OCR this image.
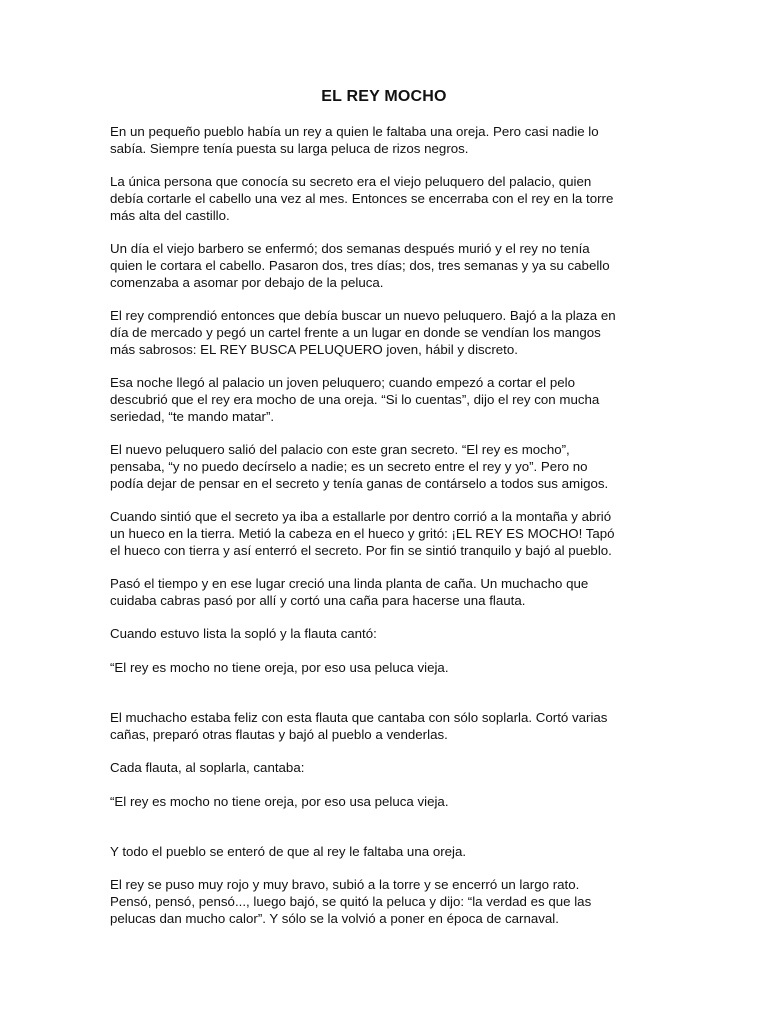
EL REY MOCHO

En un pequeño pueblo había un rey a quien le faltaba una oreja. Pero casi nadie lo
sabía. Siempre tenía puesta su larga peluca de rizos negros.

La única persona que conocía su secreto era el viejo peluquero del palacio, quien
debía cortarle el cabello una vez al mes. Entonces se encerraba con el rey en la torre
más alta del castillo.

Un día el viejo barbero se enfermó; dos semanas después murió y el rey no tenía
quien le cortara el cabello. Pasaron dos, tres días; dos, tres semanas y ya su cabello
comenzaba a asomar por debajo de la peluca.

El rey comprendió entonces que debía buscar un nuevo peluquero. Bajó a la plaza en
día de mercado y pegó un cartel frente a un lugar en donde se vendían los mangos
más sabrosos: EL REY BUSCA PELUQUERO joven, hábil y discreto.

Esa noche llegó al palacio un joven peluquero; cuando empezó a cortar el pelo
descubrió que el rey era mocho de una oreja. “Si lo cuentas”, dijo el rey con mucha
seriedad, “te mando matar”.

El nuevo peluquero salió del palacio con este gran secreto. “El rey es mocho”,
pensaba, “y no puedo decírselo a nadie; es un secreto entre el rey y yo”. Pero no
podía dejar de pensar en el secreto y tenía ganas de contárselo a todos sus amigos.

Cuando sintió que el secreto ya iba a estallarle por dentro corrió a la montaña y abrió
un hueco en la tierra. Metió la cabeza en el hueco y gritó: ¡EL REY ES MOCHO! Tapó
el hueco con tierra y así enterró el secreto. Por fin se sintió tranquilo y bajó al pueblo.

Pasó el tiempo y en ese lugar creció una linda planta de caña. Un muchacho que
cuidaba cabras pasó por allí y cortó una caña para hacerse una flauta.

Cuando estuvo lista la sopló y la flauta cantó:

“El rey es mocho no tiene oreja, por eso usa peluca vieja.

El muchacho estaba feliz con esta flauta que cantaba con sólo soplarla. Cortó varias
cañas, preparó otras flautas y bajó al pueblo a venderlas.

Cada flauta, al soplarla, cantaba:

“El rey es mocho no tiene oreja, por eso usa peluca vieja.

Y todo el pueblo se enteró de que al rey le faltaba una oreja.

El rey se puso muy rojo y muy bravo, subió a la torre y se encerró un largo rato.
Pensó, pensó, pensó..., luego bajó, se quitó la peluca y dijo: “la verdad es que las
pelucas dan mucho calor”. Y sólo se la volvió a poner en época de carnaval.
